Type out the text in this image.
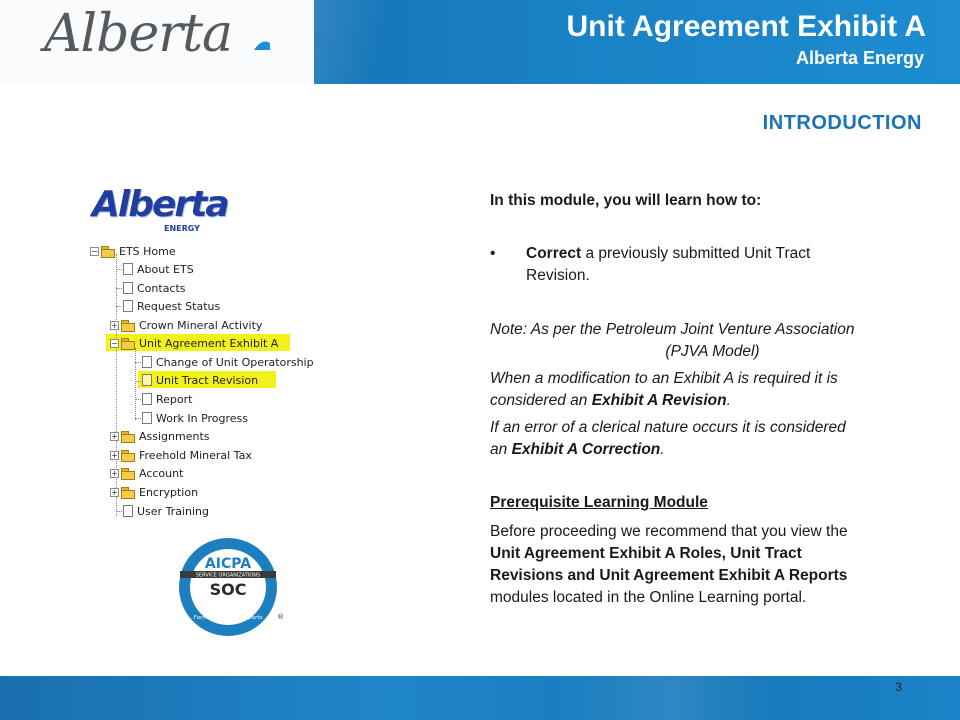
Alberta	Unit Agreement Exhibit A
Alberta Energy
INTRODUCTION
Alberta
ENERGY
− ETS Home
About ETS
Contacts
Request Status
+ Crown Mineral Activity
− Unit Agreement Exhibit A
Change of Unit Operatorship
Unit Tract Revision
Report
Work In Progress
+ Assignments
+ Freehold Mineral Tax
+ Account
+ Encryption
User Training
SERVICE ORGANIZATIONS
AICPA
SOC
Formerly SAS 70 Reports ®
In this module, you will learn how to:
• Correct a previously submitted Unit Tract
Revision.
Note: As per the Petroleum Joint Venture Association
(PJVA Model)
When a modification to an Exhibit A is required it is
considered an Exhibit A Revision.
If an error of a clerical nature occurs it is considered
an Exhibit A Correction.
Prerequisite Learning Module
Before proceeding we recommend that you view the
Unit Agreement Exhibit A Roles, Unit Tract
Revisions and Unit Agreement Exhibit A Reports
modules located in the Online Learning portal.
3
